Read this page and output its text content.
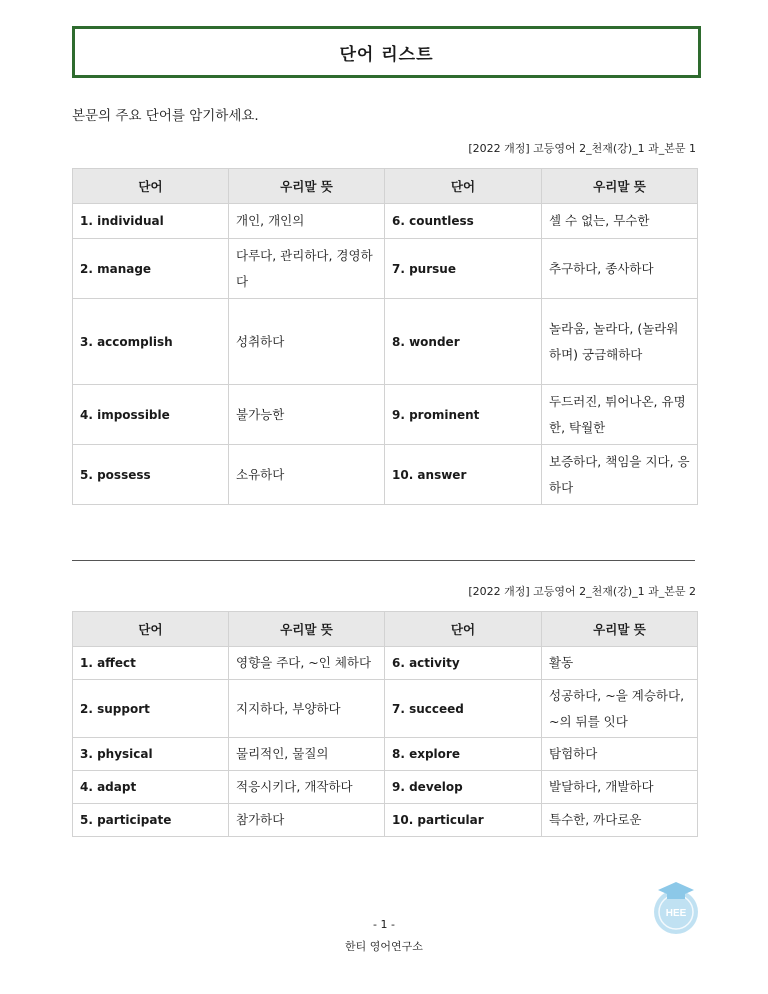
단어 리스트
본문의 주요 단어를 암기하세요.
[2022 개정] 고등영어 2_천재(강)_1 과_본문 1
단어	우리말 뜻	단어	우리말 뜻
1. individual	개인, 개인의	6. countless	셀 수 없는, 무수한
2. manage	다루다, 관리하다, 경영하다	7. pursue	추구하다, 종사하다
3. accomplish	성취하다	8. wonder	놀라움, 놀라다, (놀라워하며) 궁금해하다
4. impossible	불가능한	9. prominent	두드러진, 튀어나온, 유명한, 탁월한
5. possess	소유하다	10. answer	보증하다, 책임을 지다, 응하다
[2022 개정] 고등영어 2_천재(강)_1 과_본문 2
단어	우리말 뜻	단어	우리말 뜻
1. affect	영향을 주다, ~인 체하다	6. activity	활동
2. support	지지하다, 부양하다	7. succeed	성공하다, ~을 계승하다, ~의 뒤를 잇다
3. physical	물리적인, 물질의	8. explore	탐험하다
4. adapt	적응시키다, 개작하다	9. develop	발달하다, 개발하다
5. participate	참가하다	10. particular	특수한, 까다로운
- 1 -
한티 영어연구소
HEE
